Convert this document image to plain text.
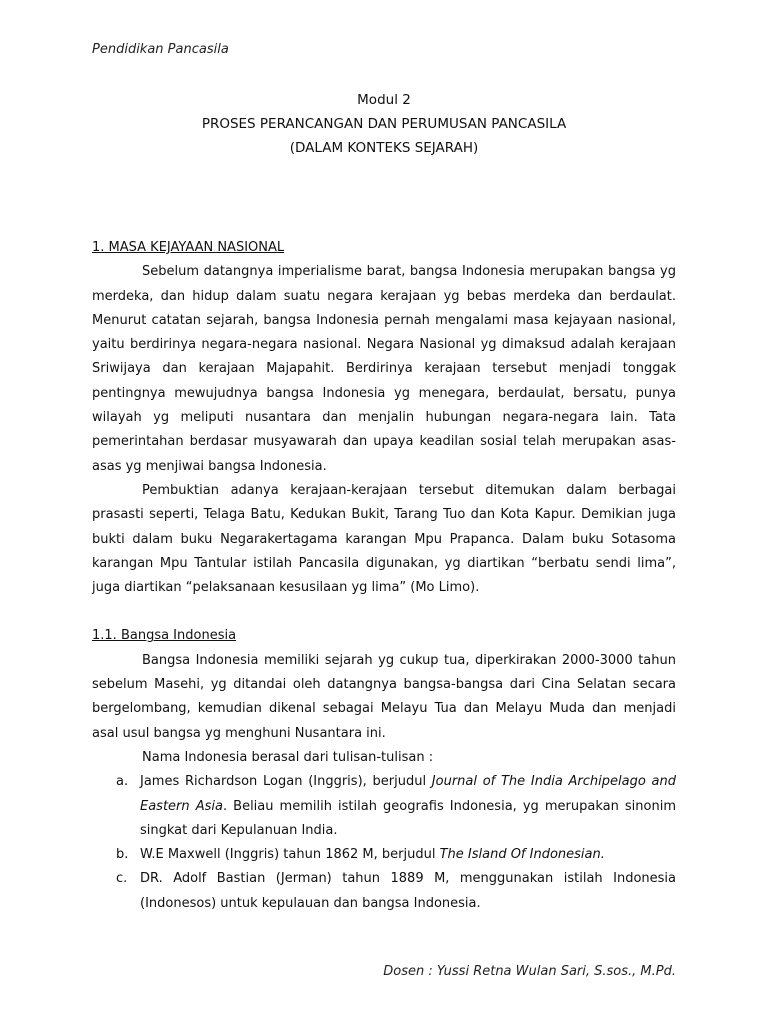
Pendidikan Pancasila
Modul 2
PROSES PERANCANGAN DAN PERUMUSAN PANCASILA
(DALAM KONTEKS SEJARAH)

1. MASA KEJAYAAN NASIONAL

Sebelum datangnya imperialisme barat, bangsa Indonesia merupakan bangsa yg merdeka, dan hidup dalam suatu negara kerajaan yg bebas merdeka dan berdaulat. Menurut catatan sejarah, bangsa Indonesia pernah mengalami masa kejayaan nasional, yaitu berdirinya negara-negara nasional. Negara Nasional yg dimaksud adalah kerajaan Sriwijaya dan kerajaan Majapahit. Berdirinya kerajaan tersebut menjadi tonggak pentingnya mewujudnya bangsa Indonesia yg menegara, berdaulat, bersatu, punya wilayah yg meliputi nusantara dan menjalin hubungan negara-negara lain. Tata pemerintahan berdasar musyawarah dan upaya keadilan sosial telah merupakan asas-asas yg menjiwai bangsa Indonesia.

Pembuktian adanya kerajaan-kerajaan tersebut ditemukan dalam berbagai prasasti seperti, Telaga Batu, Kedukan Bukit, Tarang Tuo dan Kota Kapur. Demikian juga bukti dalam buku Negarakertagama karangan Mpu Prapanca. Dalam buku Sotasoma karangan Mpu Tantular istilah Pancasila digunakan, yg diartikan “berbatu sendi lima”, juga diartikan “pelaksanaan kesusilaan yg lima” (Mo Limo).

1.1. Bangsa Indonesia

Bangsa Indonesia memiliki sejarah yg cukup tua, diperkirakan 2000-3000 tahun sebelum Masehi, yg ditandai oleh datangnya bangsa-bangsa dari Cina Selatan secara bergelombang, kemudian dikenal sebagai Melayu Tua dan Melayu Muda dan menjadi asal usul bangsa yg menghuni Nusantara ini.

Nama Indonesia berasal dari tulisan-tulisan :

a. James Richardson Logan (Inggris), berjudul Journal of The India Archipelago and Eastern Asia. Beliau memilih istilah geografis Indonesia, yg merupakan sinonim singkat dari Kepulanuan India.
b. W.E Maxwell (Inggris) tahun 1862 M, berjudul The Island Of Indonesian.
c. DR. Adolf Bastian (Jerman) tahun 1889 M, menggunakan istilah Indonesia (Indonesos) untuk kepulauan dan bangsa Indonesia.
Dosen : Yussi Retna Wulan Sari, S.sos., M.Pd.
